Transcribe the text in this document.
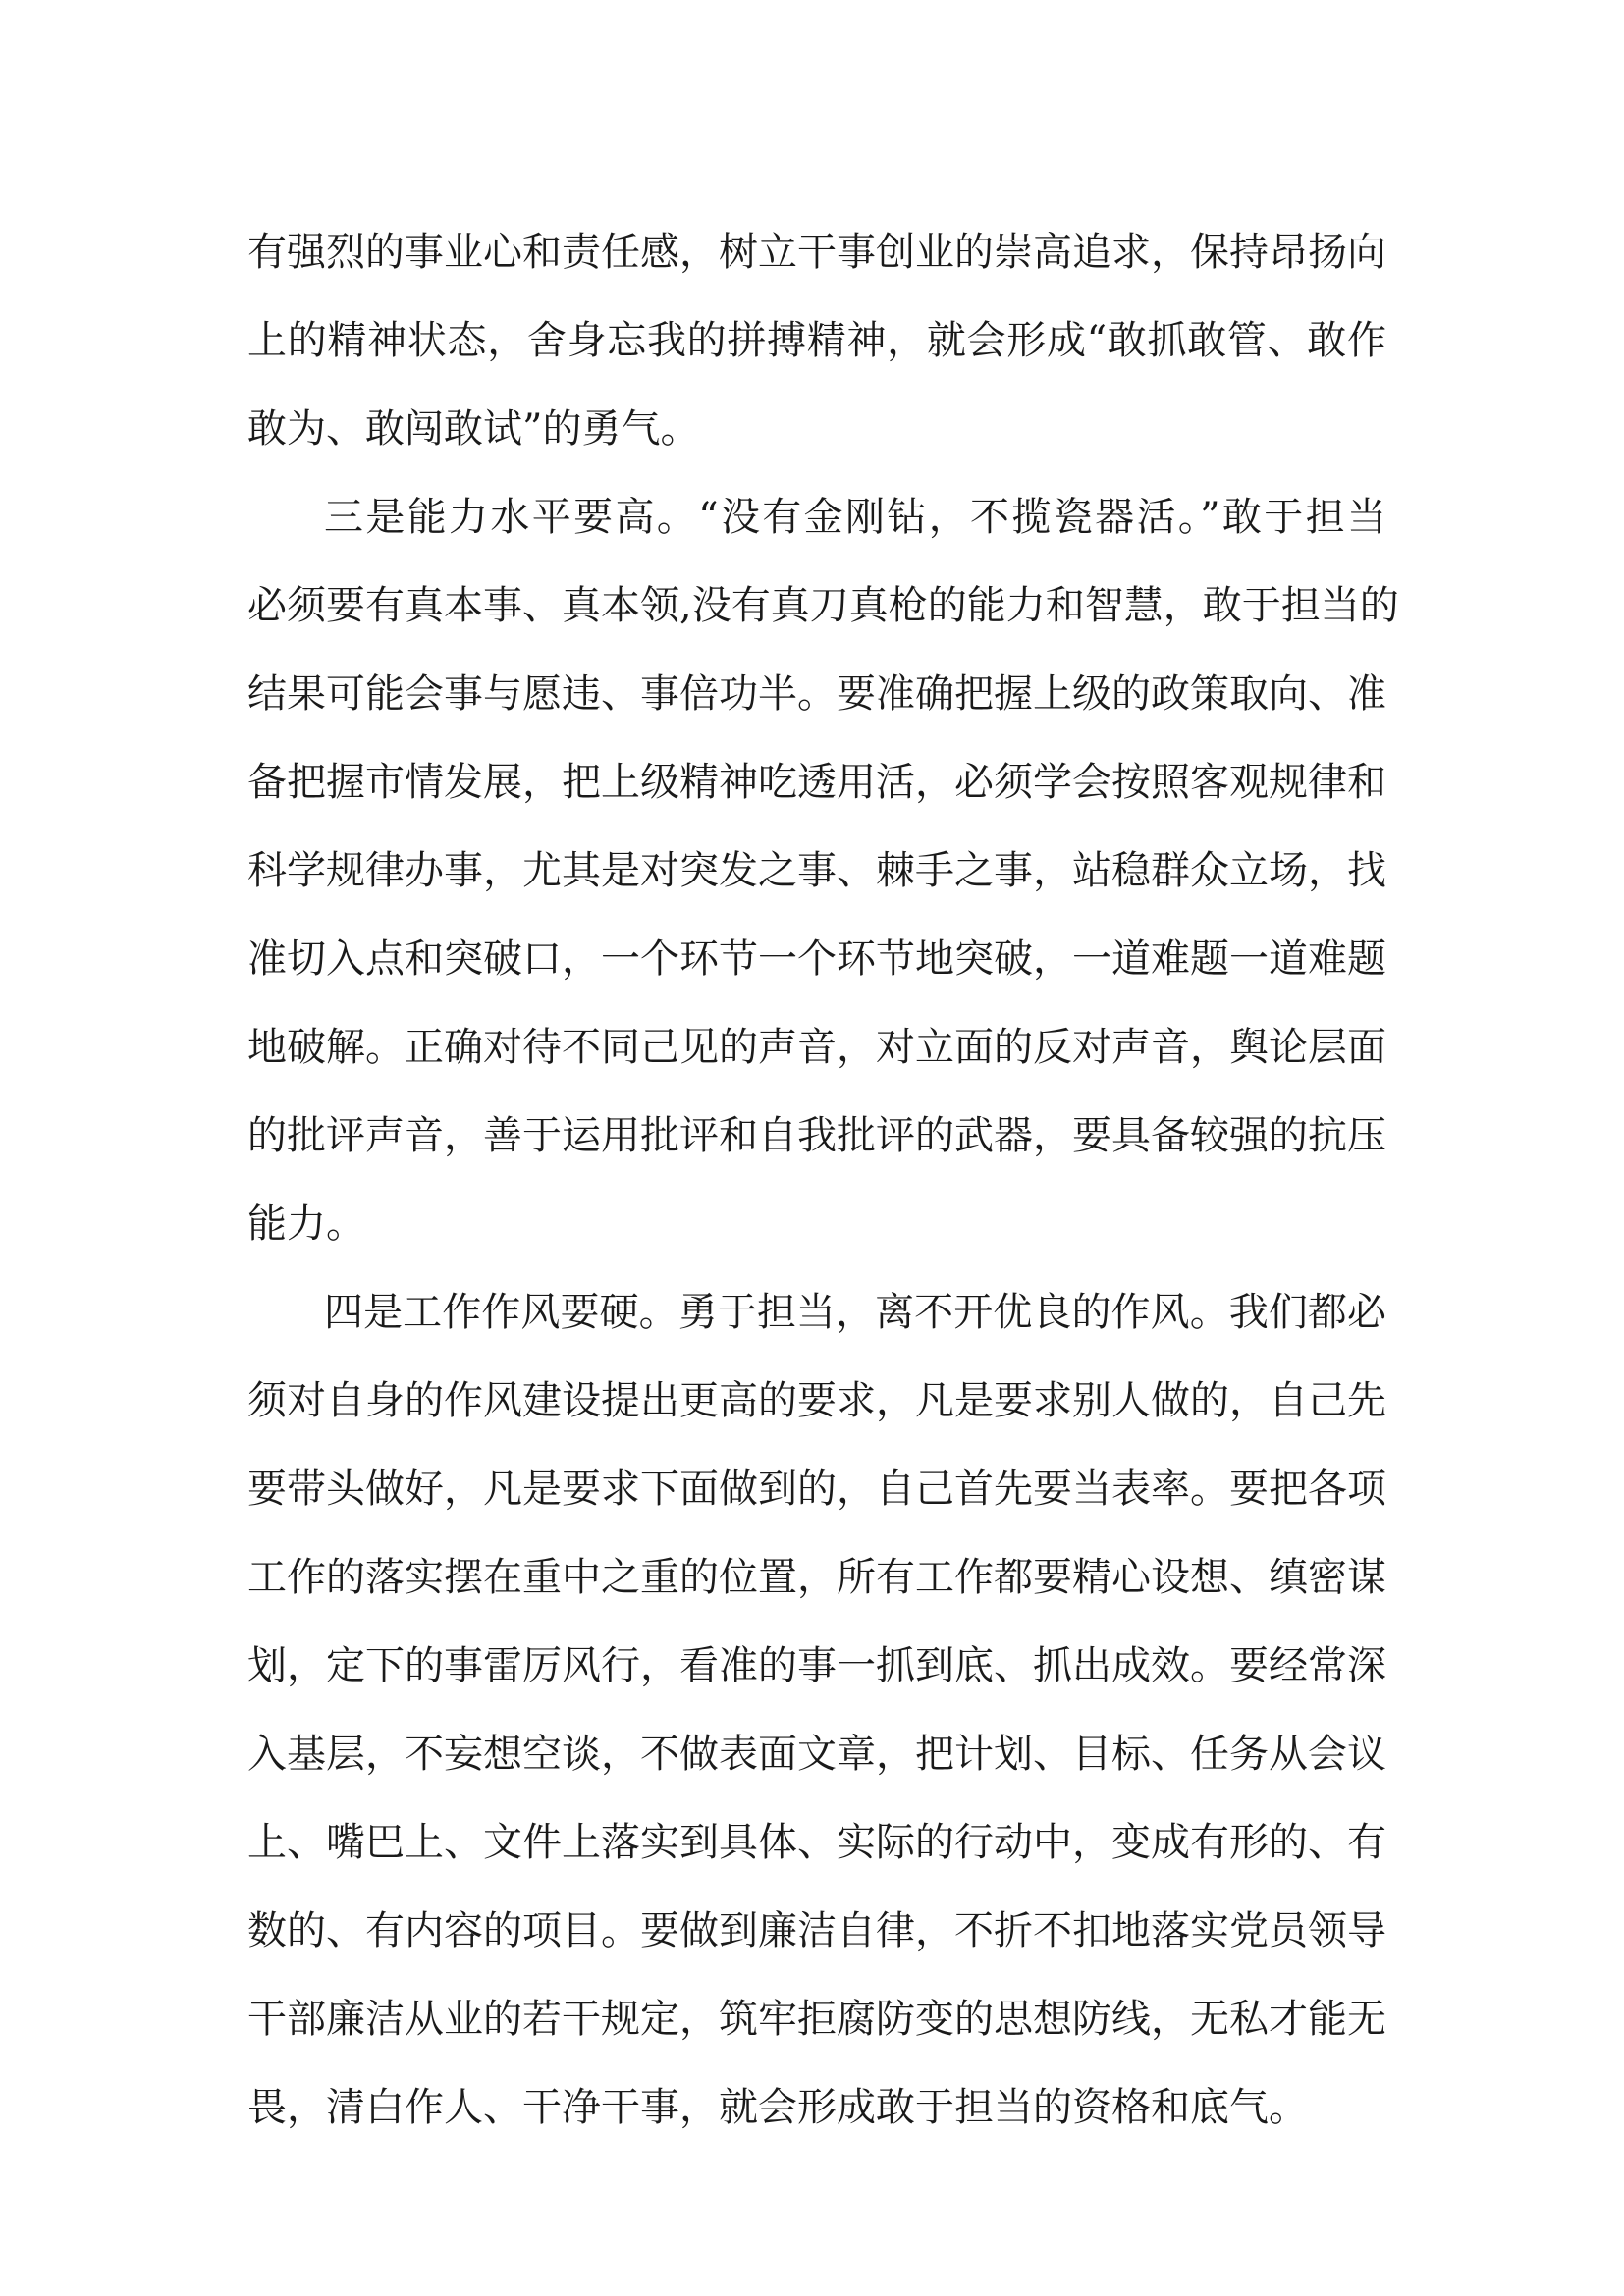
有强烈的事业心和责任感，树立干事创业的崇高追求，保持昂扬向
上的精神状态，舍身忘我的拼搏精神，就会形成“敢抓敢管、敢作
敢为、敢闯敢试”的勇气。
三是能力水平要高。“没有金刚钻，不揽瓷器活。”敢于担当
必须要有真本事、真本领,没有真刀真枪的能力和智慧，敢于担当的
结果可能会事与愿违、事倍功半。要准确把握上级的政策取向、准
备把握市情发展，把上级精神吃透用活，必须学会按照客观规律和
科学规律办事，尤其是对突发之事、棘手之事，站稳群众立场，找
准切入点和突破口，一个环节一个环节地突破，一道难题一道难题
地破解。正确对待不同己见的声音，对立面的反对声音，舆论层面
的批评声音，善于运用批评和自我批评的武器，要具备较强的抗压
能力。
四是工作作风要硬。勇于担当，离不开优良的作风。我们都必
须对自身的作风建设提出更高的要求，凡是要求别人做的，自己先
要带头做好，凡是要求下面做到的，自己首先要当表率。要把各项
工作的落实摆在重中之重的位置，所有工作都要精心设想、缜密谋
划，定下的事雷厉风行，看准的事一抓到底、抓出成效。要经常深
入基层，不妄想空谈，不做表面文章，把计划、目标、任务从会议
上、嘴巴上、文件上落实到具体、实际的行动中，变成有形的、有
数的、有内容的项目。要做到廉洁自律，不折不扣地落实党员领导
干部廉洁从业的若干规定，筑牢拒腐防变的思想防线，无私才能无
畏，清白作人、干净干事，就会形成敢于担当的资格和底气。
